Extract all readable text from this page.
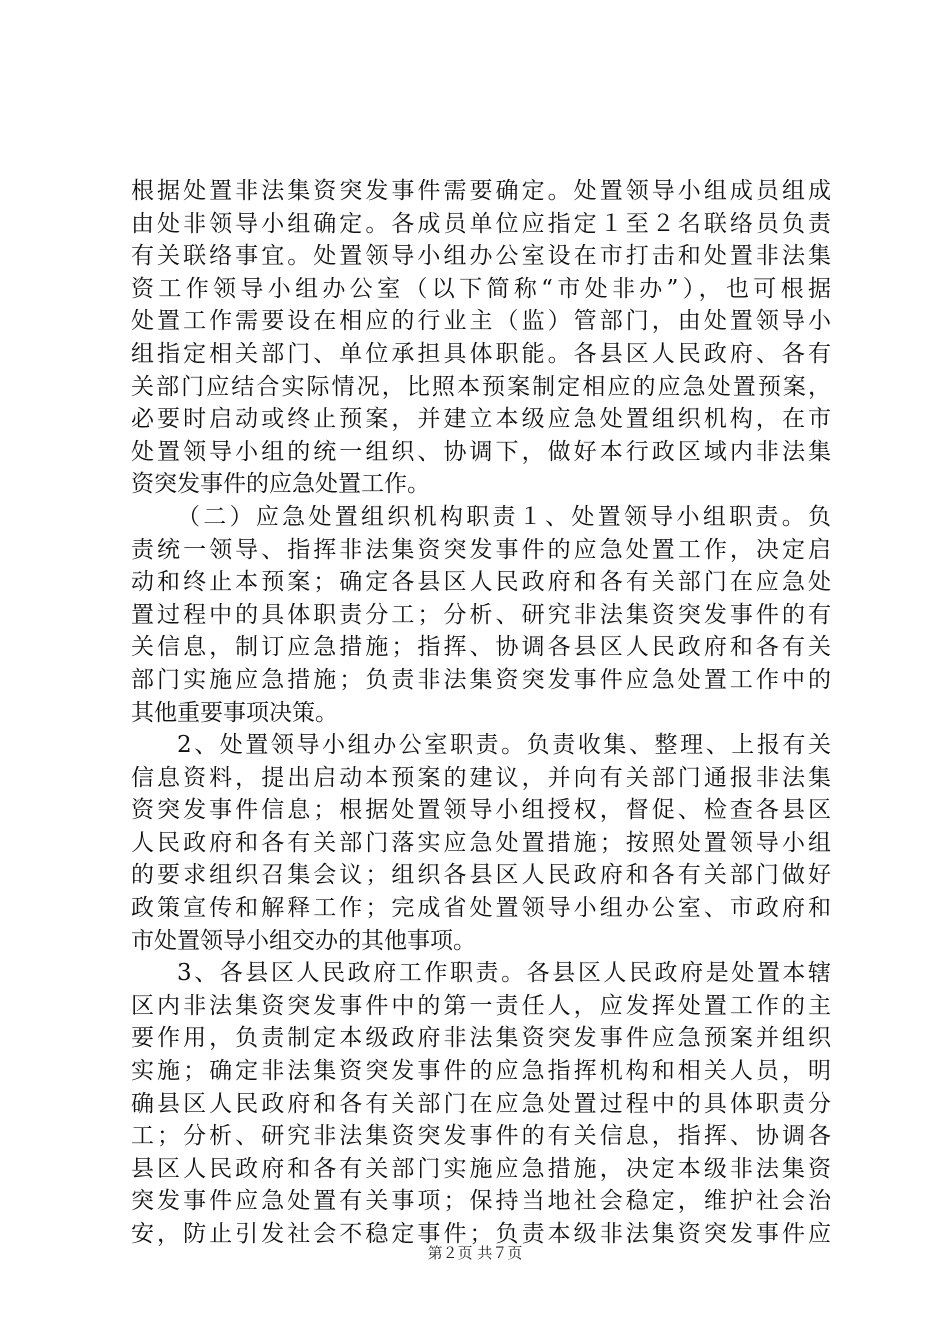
根据处置非法集资突发事件需要确定。处置领导小组成员组成
由处非领导小组确定。各成员单位应指定１至２名联络员负责
有关联络事宜。处置领导小组办公室设在市打击和处置非法集
资工作领导小组办公室（以下简称“市处非办”），也可根据
处置工作需要设在相应的行业主（监）管部门，由处置领导小
组指定相关部门、单位承担具体职能。各县区人民政府、各有
关部门应结合实际情况，比照本预案制定相应的应急处置预案，
必要时启动或终止预案，并建立本级应急处置组织机构，在市
处置领导小组的统一组织、协调下，做好本行政区域内非法集
资突发事件的应急处置工作。
（二）应急处置组织机构职责１、处置领导小组职责。负
责统一领导、指挥非法集资突发事件的应急处置工作，决定启
动和终止本预案；确定各县区人民政府和各有关部门在应急处
置过程中的具体职责分工；分析、研究非法集资突发事件的有
关信息，制订应急措施；指挥、协调各县区人民政府和各有关
部门实施应急措施；负责非法集资突发事件应急处置工作中的
其他重要事项决策。
2、处置领导小组办公室职责。负责收集、整理、上报有关
信息资料，提出启动本预案的建议，并向有关部门通报非法集
资突发事件信息；根据处置领导小组授权，督促、检查各县区
人民政府和各有关部门落实应急处置措施；按照处置领导小组
的要求组织召集会议；组织各县区人民政府和各有关部门做好
政策宣传和解释工作；完成省处置领导小组办公室、市政府和
市处置领导小组交办的其他事项。
3、各县区人民政府工作职责。各县区人民政府是处置本辖
区内非法集资突发事件中的第一责任人，应发挥处置工作的主
要作用，负责制定本级政府非法集资突发事件应急预案并组织
实施；确定非法集资突发事件的应急指挥机构和相关人员，明
确县区人民政府和各有关部门在应急处置过程中的具体职责分
工；分析、研究非法集资突发事件的有关信息，指挥、协调各
县区人民政府和各有关部门实施应急措施，决定本级非法集资
突发事件应急处置有关事项；保持当地社会稳定，维护社会治
安，防止引发社会不稳定事件；负责本级非法集资突发事件应
第２页 共７页
